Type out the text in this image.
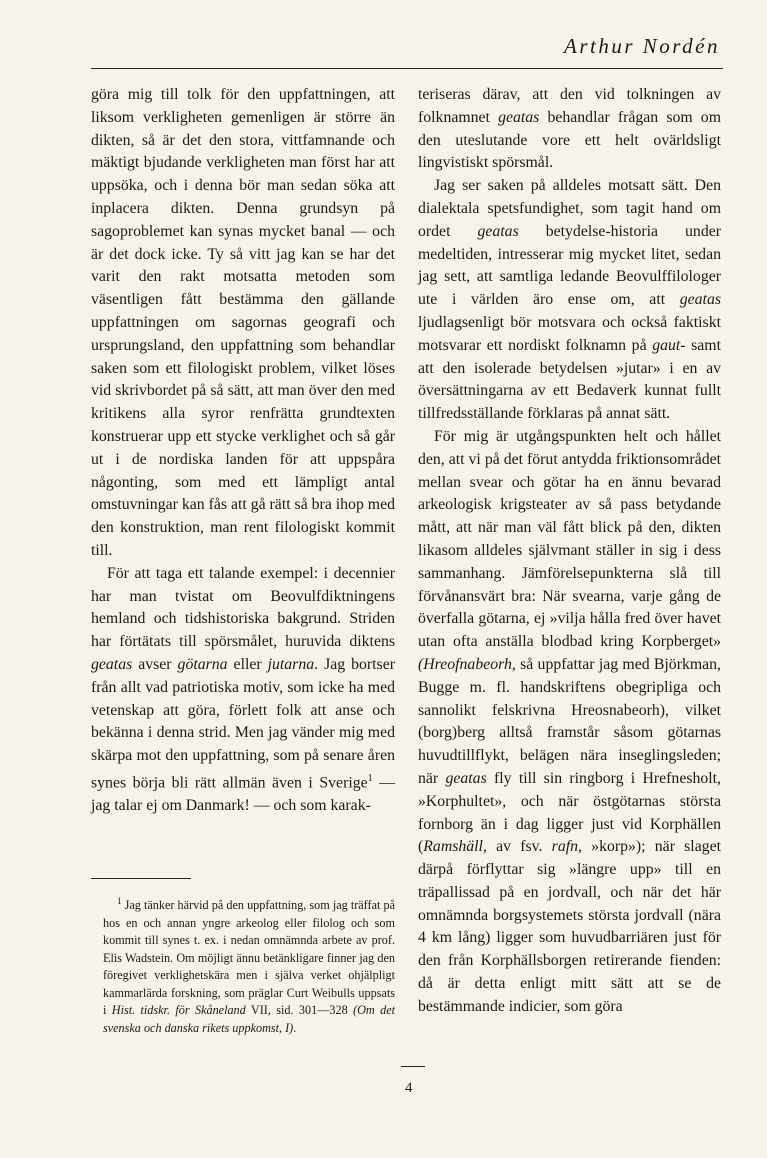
Arthur Nordén

göra mig till tolk för den uppfattningen, att liksom verkligheten gemenligen är större än dikten, så är det den stora, vittfamnande och mäktigt bjudande verkligheten man först har att uppsöka, och i denna bör man sedan söka att inplacera dikten. Denna grundsyn på sagoproblemet kan synas mycket banal — och är det dock icke. Ty så vitt jag kan se har det varit den rakt motsatta metoden som väsentligen fått bestämma den gällande uppfattningen om sagornas geografi och ursprungsland, den uppfattning som behandlar saken som ett filologiskt problem, vilket löses vid skrivbordet på så sätt, att man över den med kritikens alla syror renfrätta grundtexten konstruerar upp ett stycke verklighet och så går ut i de nordiska landen för att uppspåra någonting, som med ett lämpligt antal omstuvningar kan fås att gå rätt så bra ihop med den konstruktion, man rent filologiskt kommit till.

För att taga ett talande exempel: i decennier har man tvistat om Beovulfdiktningens hemland och tidshistoriska bakgrund. Striden har förtätats till spörsmålet, huruvida diktens geatas avser götarna eller jutarna. Jag bortser från allt vad patriotiska motiv, som icke ha med vetenskap att göra, förlett folk att anse och bekänna i denna strid. Men jag vänder mig med skärpa mot den uppfattning, som på senare åren synes börja bli rätt allmän även i Sverige$^1$ — jag talar ej om Danmark! — och som karak-

$^1$ Jag tänker härvid på den uppfattning, som jag träffat på hos en och annan yngre arkeolog eller filolog och som kommit till synes t. ex. i nedan omnämnda arbete av prof. Elis Wadstein. Om möjligt ännu betänkligare finner jag den föregivet verklighetskära men i själva verket ohjälpligt kammarlärda forskning, som präglar Curt Weibulls uppsats i Hist. tidskr. för Skåneland VII, sid. 301—328 (Om det svenska och danska rikets uppkomst, I).

teriseras därav, att den vid tolkningen av folknamnet geatas behandlar frågan som om den uteslutande vore ett helt ovärldsligt lingvistiskt spörsmål.

Jag ser saken på alldeles motsatt sätt. Den dialektala spetsfundighet, som tagit hand om ordet geatas betydelse-historia under medeltiden, intresserar mig mycket litet, sedan jag sett, att samtliga ledande Beovulffilologer ute i världen äro ense om, att geatas ljudlagsenligt bör motsvara och också faktiskt motsvarar ett nordiskt folknamn på gaut- samt att den isolerade betydelsen »jutar» i en av översättningarna av ett Bedaverk kunnat fullt tillfredsställande förklaras på annat sätt.

För mig är utgångspunkten helt och hållet den, att vi på det förut antydda friktionsområdet mellan svear och götar ha en ännu bevarad arkeologisk krigsteater av så pass betydande mått, att när man väl fått blick på den, dikten likasom alldeles självmant ställer in sig i dess sammanhang. Jämförelsepunkterna slå till förvånansvärt bra: När svearna, varje gång de överfalla götarna, ej »vilja hålla fred över havet utan ofta anställa blodbad kring Korpberget» (Hreofnabeorh, så uppfattar jag med Björkman, Bugge m. fl. handskriftens obegripliga och sannolikt felskrivna Hreosnabeorh), vilket (borg)berg alltså framstår såsom götarnas huvudtillflykt, belägen nära inseglingsleden; när geatas fly till sin ringborg i Hrefnesholt, »Korphultet», och när östgötarnas största fornborg än i dag ligger just vid Korphällen (Ramshäll, av fsv. rafn, »korp»); när slaget därpå förflyttar sig »längre upp» till en träpallissad på en jordvall, och när det här omnämnda borgsystemets största jordvall (nära 4 km lång) ligger som huvudbarriären just för den från Korphällsborgen retirerande fienden: då är detta enligt mitt sätt att se de bestämmande indicier, som göra

4
